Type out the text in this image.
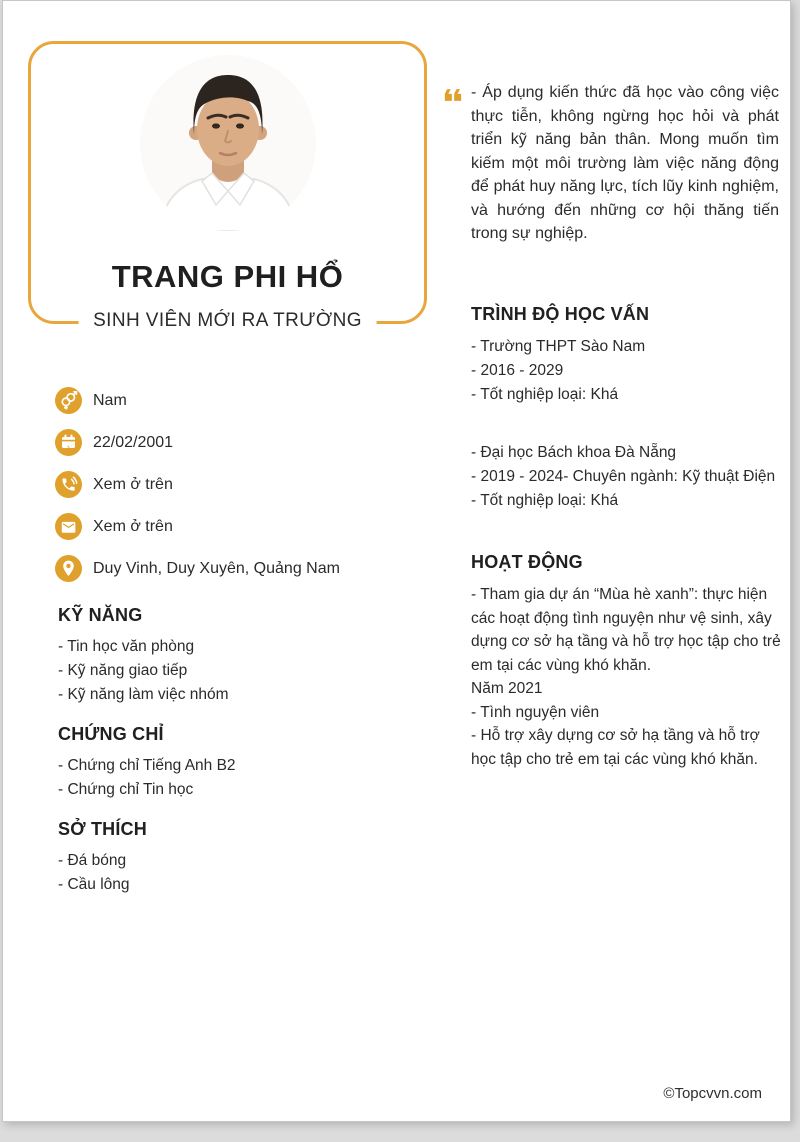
TRANG PHI HỔ
SINH VIÊN MỚI RA TRƯỜNG
Nam
22/02/2001
Xem ở trên
Xem ở trên
Duy Vinh, Duy Xuyên, Quảng Nam
KỸ NĂNG
- Tin học văn phòng
- Kỹ năng giao tiếp
- Kỹ năng làm việc nhóm
CHỨNG CHỈ
- Chứng chỉ Tiếng Anh B2
- Chứng chỉ Tin học
SỞ THÍCH
- Đá bóng
- Cầu lông
- Áp dụng kiến thức đã học vào công việc thực tiễn, không ngừng học hỏi và phát triển kỹ năng bản thân. Mong muốn tìm kiếm một môi trường làm việc năng động để phát huy năng lực, tích lũy kinh nghiệm, và hướng đến những cơ hội thăng tiến trong sự nghiệp.
TRÌNH ĐỘ HỌC VẤN
- Trường THPT Sào Nam
- 2016 - 2029
- Tốt nghiệp loại: Khá
- Đại học Bách khoa Đà Nẵng
- 2019 - 2024- Chuyên ngành: Kỹ thuật Điện
- Tốt nghiệp loại: Khá
HOẠT ĐỘNG
- Tham gia dự án “Mùa hè xanh”: thực hiện các hoạt động tình nguyện như vệ sinh, xây dựng cơ sở hạ tầng và hỗ trợ học tập cho trẻ em tại các vùng khó khăn.
Năm 2021
- Tình nguyện viên
- Hỗ trợ xây dựng cơ sở hạ tầng và hỗ trợ học tập cho trẻ em tại các vùng khó khăn.
©Topcvvn.com
